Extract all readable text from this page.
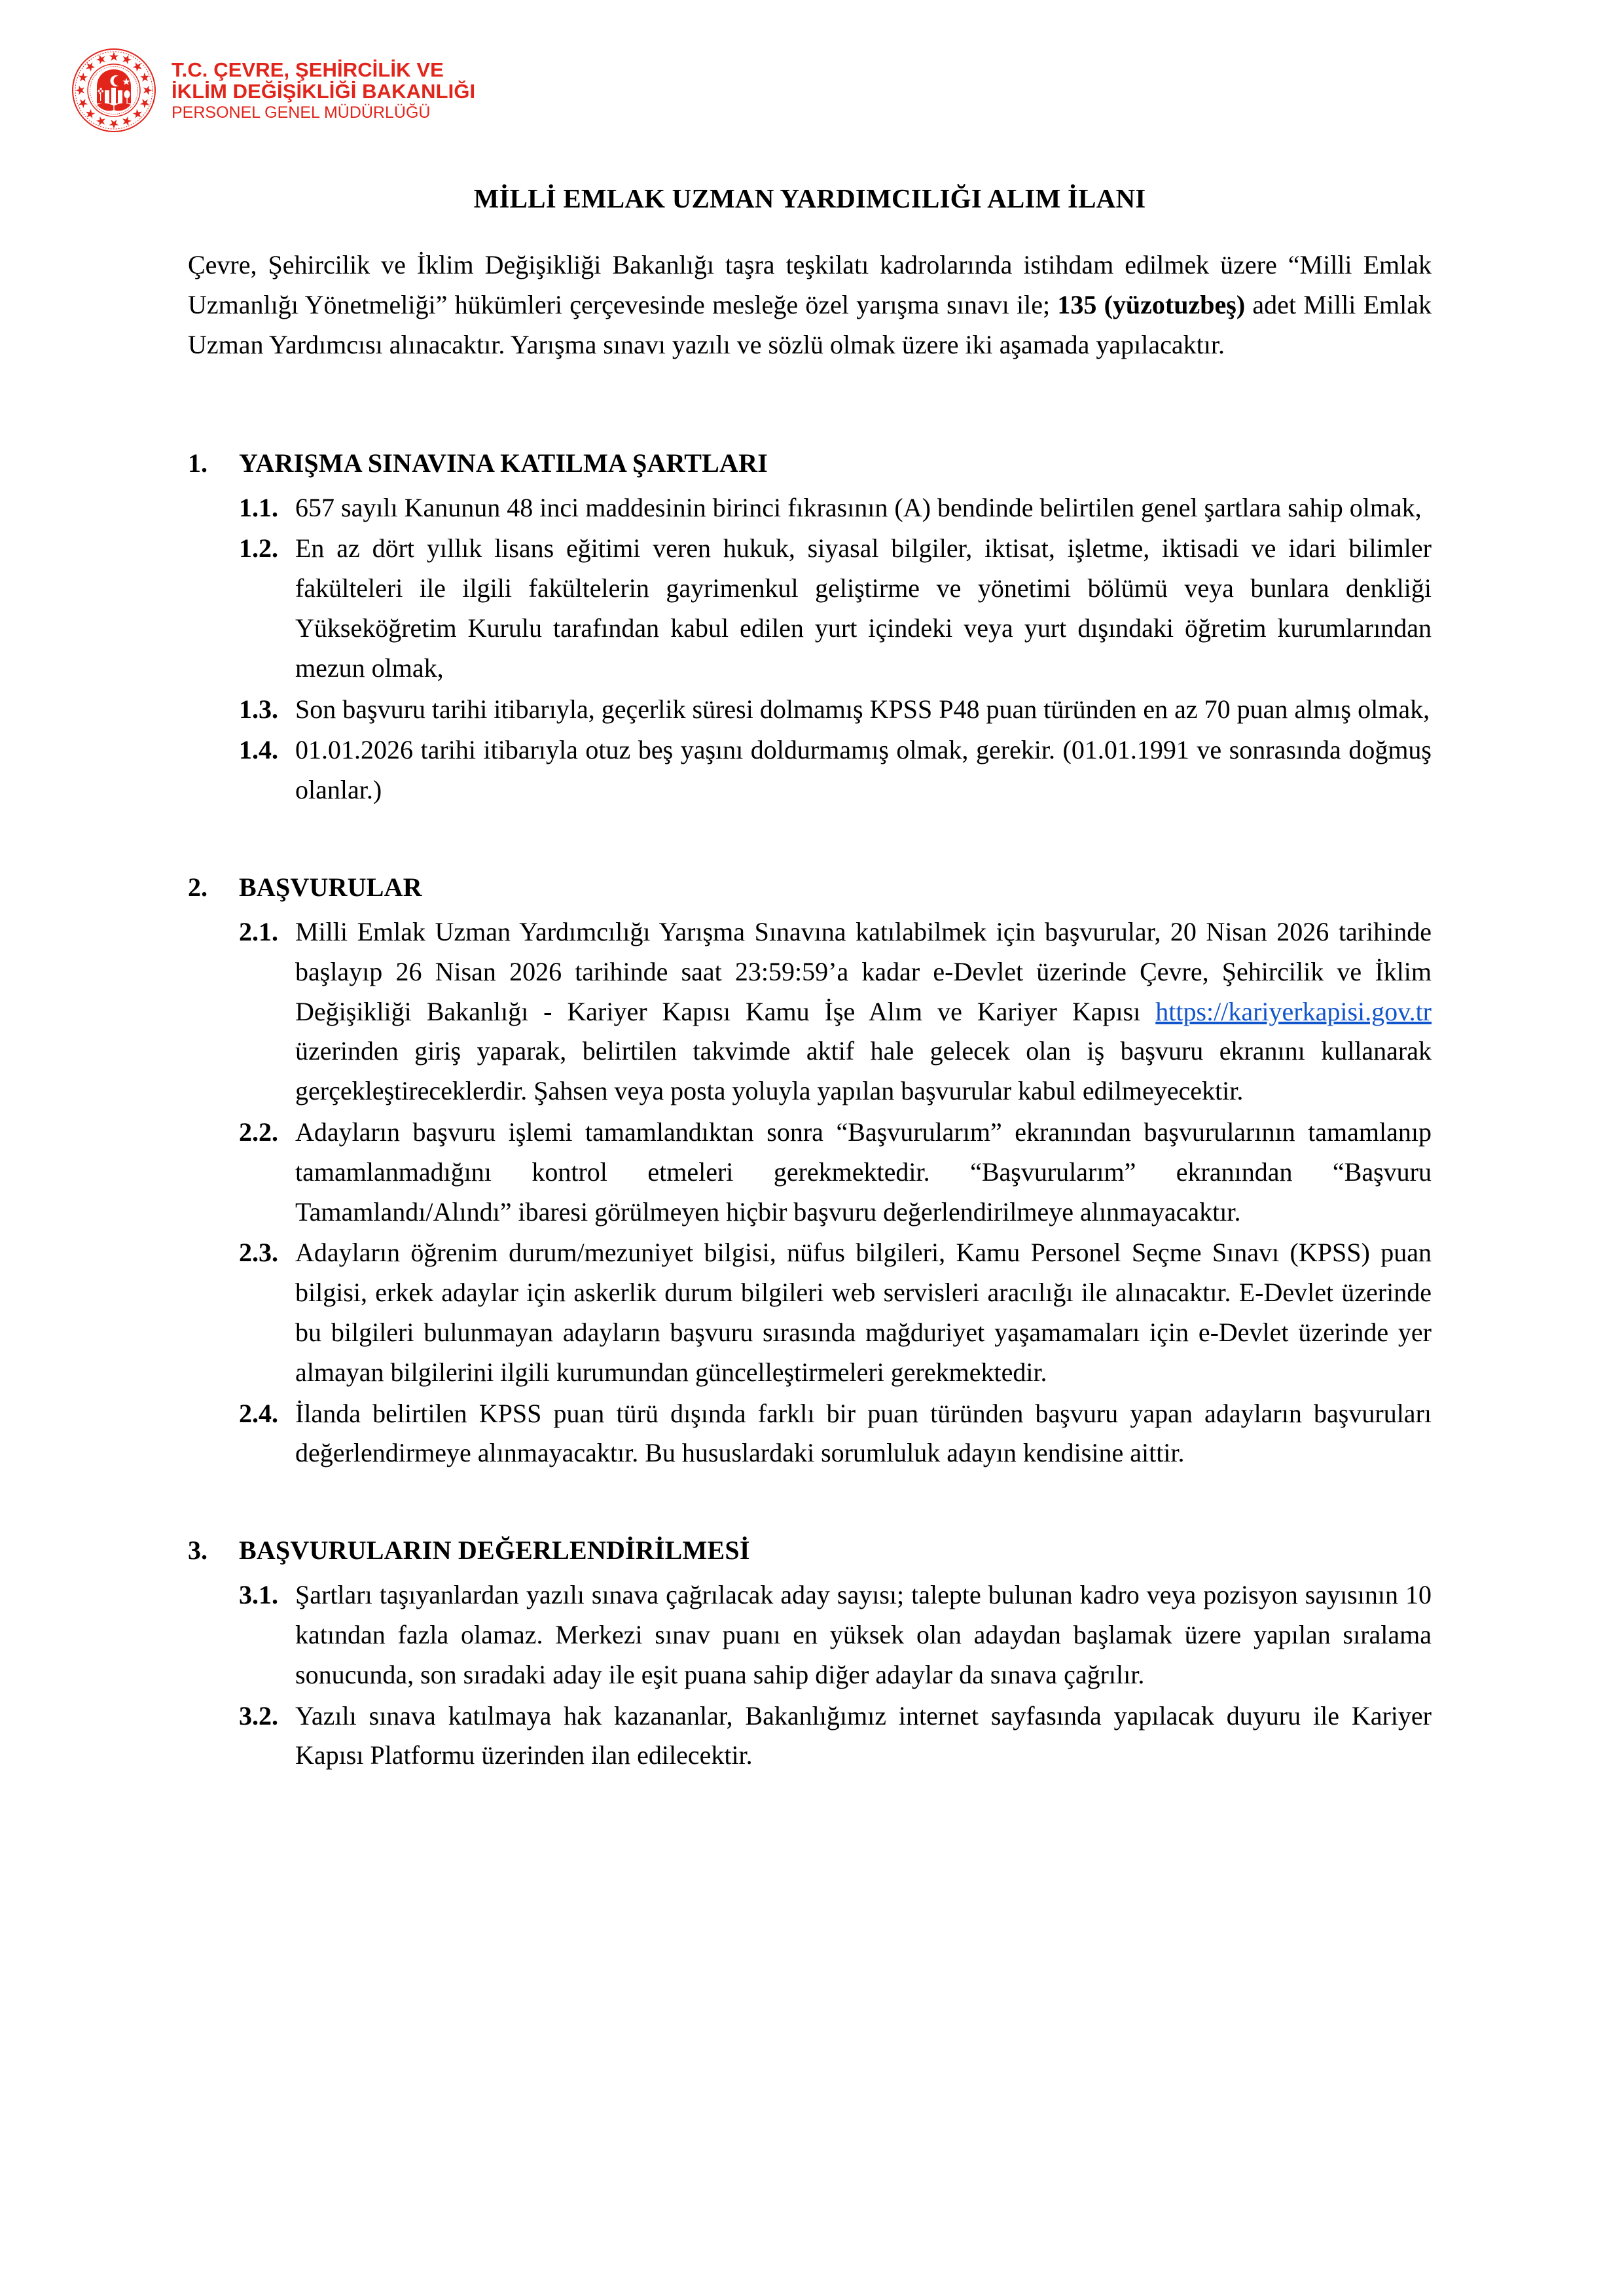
T.C. ÇEVRE, ŞEHİRCİLİK VE
İKLİM DEĞİŞİKLİĞİ BAKANLIĞI
PERSONEL GENEL MÜDÜRLÜĞÜ
MİLLİ EMLAK UZMAN YARDIMCILIĞI ALIM İLANI

Çevre, Şehircilik ve İklim Değişikliği Bakanlığı taşra teşkilatı kadrolarında istihdam edilmek üzere “Milli Emlak Uzmanlığı Yönetmeliği” hükümleri çerçevesinde mesleğe özel yarışma sınavı ile; 135 (yüzotuzbeş) adet Milli Emlak Uzman Yardımcısı alınacaktır. Yarışma sınavı yazılı ve sözlü olmak üzere iki aşamada yapılacaktır.

1.	YARIŞMA SINAVINA KATILMA ŞARTLARI
1.1. 657 sayılı Kanunun 48 inci maddesinin birinci fıkrasının (A) bendinde belirtilen genel şartlara sahip olmak,
1.2. En az dört yıllık lisans eğitimi veren hukuk, siyasal bilgiler, iktisat, işletme, iktisadi ve idari bilimler fakülteleri ile ilgili fakültelerin gayrimenkul geliştirme ve yönetimi bölümü veya bunlara denkliği Yükseköğretim Kurulu tarafından kabul edilen yurt içindeki veya yurt dışındaki öğretim kurumlarından mezun olmak,
1.3. Son başvuru tarihi itibarıyla, geçerlik süresi dolmamış KPSS P48 puan türünden en az 70 puan almış olmak,
1.4. 01.01.2026 tarihi itibarıyla otuz beş yaşını doldurmamış olmak, gerekir. (01.01.1991 ve sonrasında doğmuş olanlar.)
2.	BAŞVURULAR
2.1. Milli Emlak Uzman Yardımcılığı Yarışma Sınavına katılabilmek için başvurular, 20 Nisan 2026 tarihinde başlayıp 26 Nisan 2026 tarihinde saat 23:59:59’a kadar e-Devlet üzerinde Çevre, Şehircilik ve İklim Değişikliği Bakanlığı - Kariyer Kapısı Kamu İşe Alım ve Kariyer Kapısı https://kariyerkapisi.gov.tr üzerinden giriş yaparak, belirtilen takvimde aktif hale gelecek olan iş başvuru ekranını kullanarak gerçekleştireceklerdir. Şahsen veya posta yoluyla yapılan başvurular kabul edilmeyecektir.
2.2. Adayların başvuru işlemi tamamlandıktan sonra “Başvurularım” ekranından başvurularının tamamlanıp tamamlanmadığını kontrol etmeleri gerekmektedir. “Başvurularım” ekranından “Başvuru Tamamlandı/Alındı” ibaresi görülmeyen hiçbir başvuru değerlendirilmeye alınmayacaktır.
2.3. Adayların öğrenim durum/mezuniyet bilgisi, nüfus bilgileri, Kamu Personel Seçme Sınavı (KPSS) puan bilgisi, erkek adaylar için askerlik durum bilgileri web servisleri aracılığı ile alınacaktır. E-Devlet üzerinde bu bilgileri bulunmayan adayların başvuru sırasında mağduriyet yaşamamaları için e-Devlet üzerinde yer almayan bilgilerini ilgili kurumundan güncelleştirmeleri gerekmektedir.
2.4. İlanda belirtilen KPSS puan türü dışında farklı bir puan türünden başvuru yapan adayların başvuruları değerlendirmeye alınmayacaktır. Bu hususlardaki sorumluluk adayın kendisine aittir.
3.	BAŞVURULARIN DEĞERLENDİRİLMESİ
3.1. Şartları taşıyanlardan yazılı sınava çağrılacak aday sayısı; talepte bulunan kadro veya pozisyon sayısının 10 katından fazla olamaz. Merkezi sınav puanı en yüksek olan adaydan başlamak üzere yapılan sıralama sonucunda, son sıradaki aday ile eşit puana sahip diğer adaylar da sınava çağrılır.
3.2. Yazılı sınava katılmaya hak kazananlar, Bakanlığımız internet sayfasında yapılacak duyuru ile Kariyer Kapısı Platformu üzerinden ilan edilecektir.
